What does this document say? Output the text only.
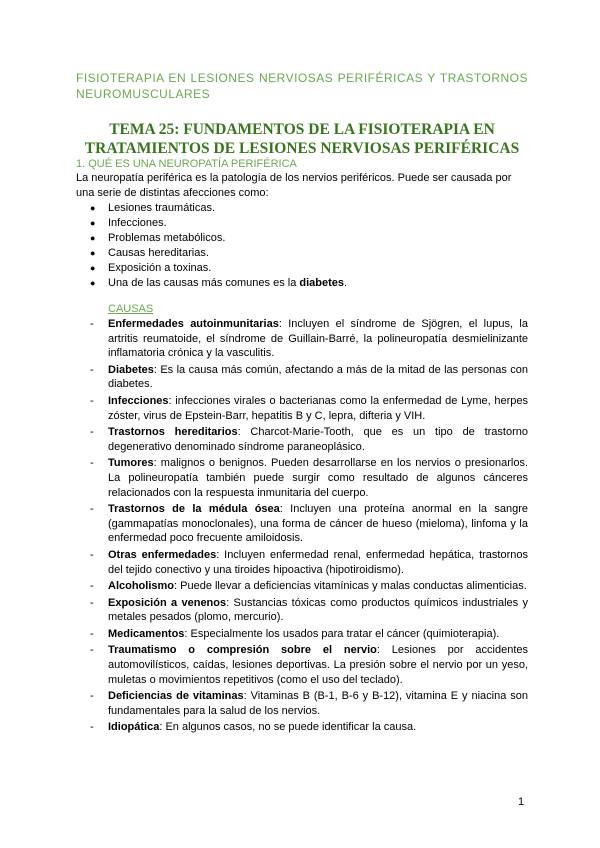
FISIOTERAPIA EN LESIONES NERVIOSAS PERIFÉRICAS Y TRASTORNOS NEUROMUSCULARES
TEMA 25: FUNDAMENTOS DE LA FISIOTERAPIA EN TRATAMIENTOS DE LESIONES NERVIOSAS PERIFÉRICAS
1. QUÉ ES UNA NEUROPATÍA PERIFÉRICA

La neuropatía periférica es la patología de los nervios periféricos. Puede ser causada por una serie de distintas afecciones como:

● Lesiones traumáticas.
● Infecciones.
● Problemas metabólicos.
● Causas hereditarias.
● Exposición a toxinas.
● Una de las causas más comunes es la diabetes.
CAUSAS
- Enfermedades autoinmunitarias: Incluyen el síndrome de Sjögren, el lupus, la artritis reumatoide, el síndrome de Guillain-Barré, la polineuropatía desmielinizante inflamatoria crónica y la vasculitis.
- Diabetes: Es la causa más común, afectando a más de la mitad de las personas con diabetes.
- Infecciones: infecciones virales o bacterianas como la enfermedad de Lyme, herpes zóster, virus de Epstein-Barr, hepatitis B y C, lepra, difteria y VIH.
- Trastornos hereditarios: Charcot-Marie-Tooth, que es un tipo de trastorno degenerativo denominado síndrome paraneoplásico.
- Tumores: malignos o benignos. Pueden desarrollarse en los nervios o presionarlos. La polineuropatía también puede surgir como resultado de algunos cánceres relacionados con la respuesta inmunitaria del cuerpo.
- Trastornos de la médula ósea: Incluyen una proteína anormal en la sangre (gammapatías monoclonales), una forma de cáncer de hueso (mieloma), linfoma y la enfermedad poco frecuente amiloidosis.
- Otras enfermedades: Incluyen enfermedad renal, enfermedad hepática, trastornos del tejido conectivo y una tiroides hipoactiva (hipotiroidismo).
- Alcoholismo: Puede llevar a deficiencias vitamínicas y malas conductas alimenticias.
- Exposición a venenos: Sustancias tóxicas como productos químicos industriales y metales pesados (plomo, mercurio).
- Medicamentos: Especialmente los usados para tratar el cáncer (quimioterapia).
- Traumatismo o compresión sobre el nervio: Lesiones por accidentes automovilísticos, caídas, lesiones deportivas. La presión sobre el nervio por un yeso, muletas o movimientos repetitivos (como el uso del teclado).
- Deficiencias de vitaminas: Vitaminas B (B-1, B-6 y B-12), vitamina E y niacina son fundamentales para la salud de los nervios.
- Idiopática: En algunos casos, no se puede identificar la causa.
1
